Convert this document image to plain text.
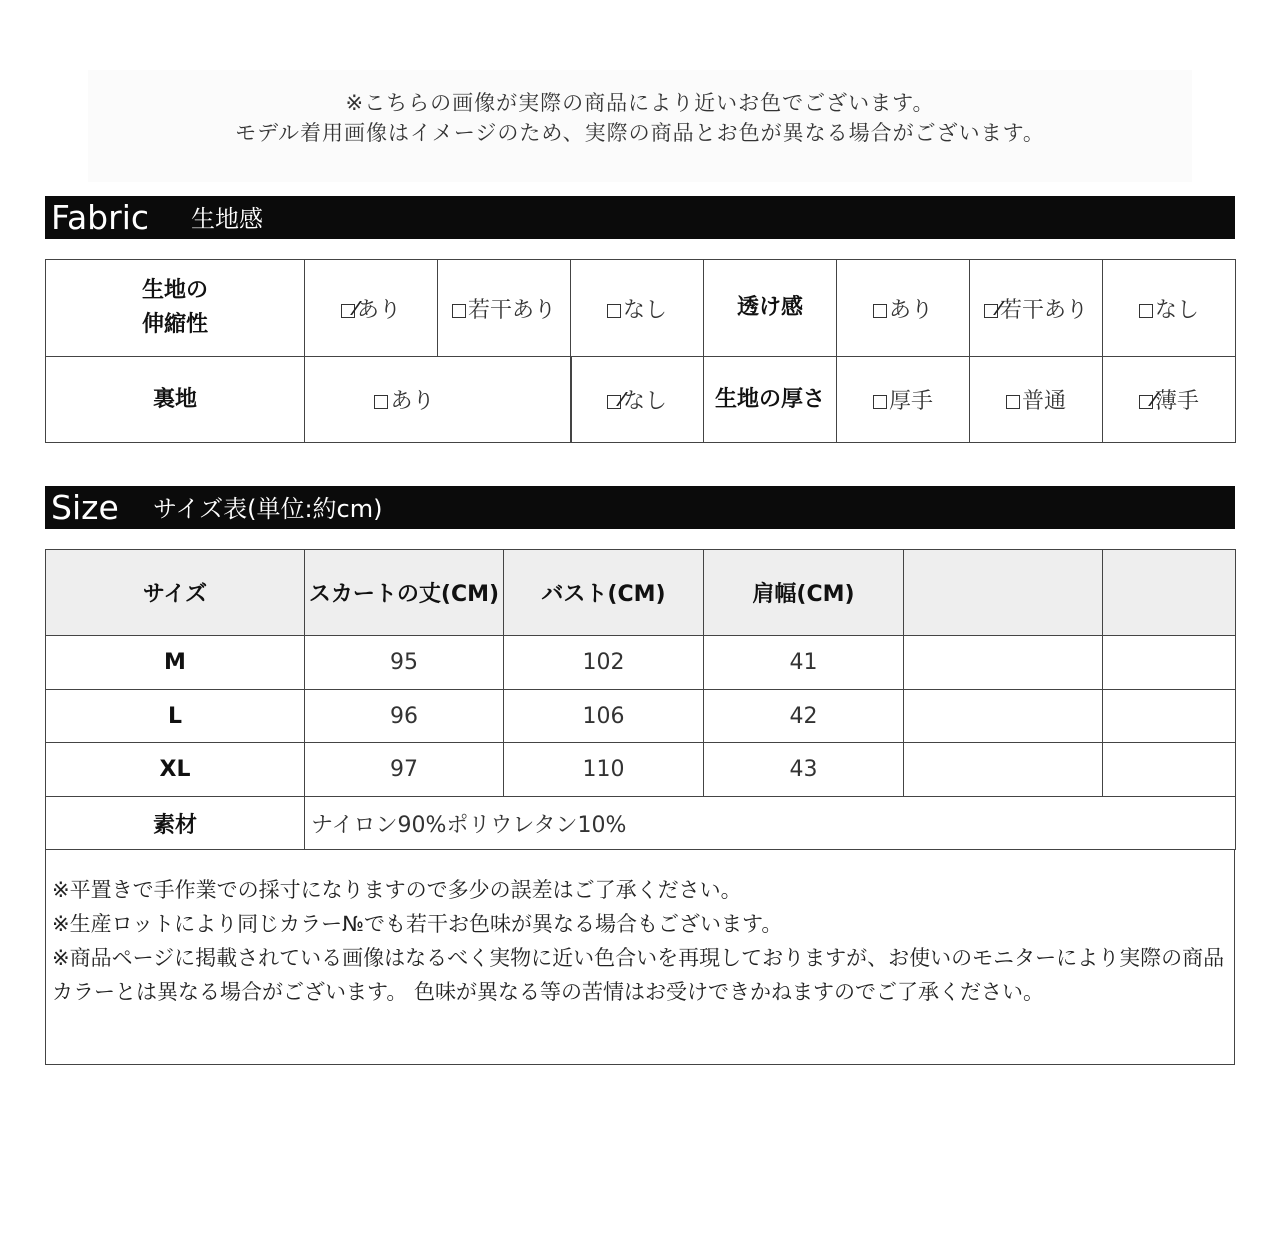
※こちらの画像が実際の商品により近いお色でございます。
モデル着用画像はイメージのため、実際の商品とお色が異なる場合がございます。
Fabric 生地感
生地の
伸縮性	あり	若干あり	なし	透け感	あり	若干あり	なし
裏地	あり		なし	生地の厚さ	厚手	普通	薄手
Size サイズ表(単位:約cm)
サイズ	スカートの丈(CM)	バスト(CM)	肩幅(CM)		
M	95	102	41		
L	96	106	42		
XL	97	110	43		
素材	ナイロン90%ポリウレタン10%				

※平置きで手作業での採寸になりますので多少の誤差はご了承ください。

※生産ロットにより同じカラー№でも若干お色味が異なる場合もございます。

※商品ページに掲載されている画像はなるべく実物に近い色合いを再現しておりますが、お使いのモニターにより実際の商品カラーとは異なる場合がございます。 色味が異なる等の苦情はお受けできかねますのでご了承ください。
